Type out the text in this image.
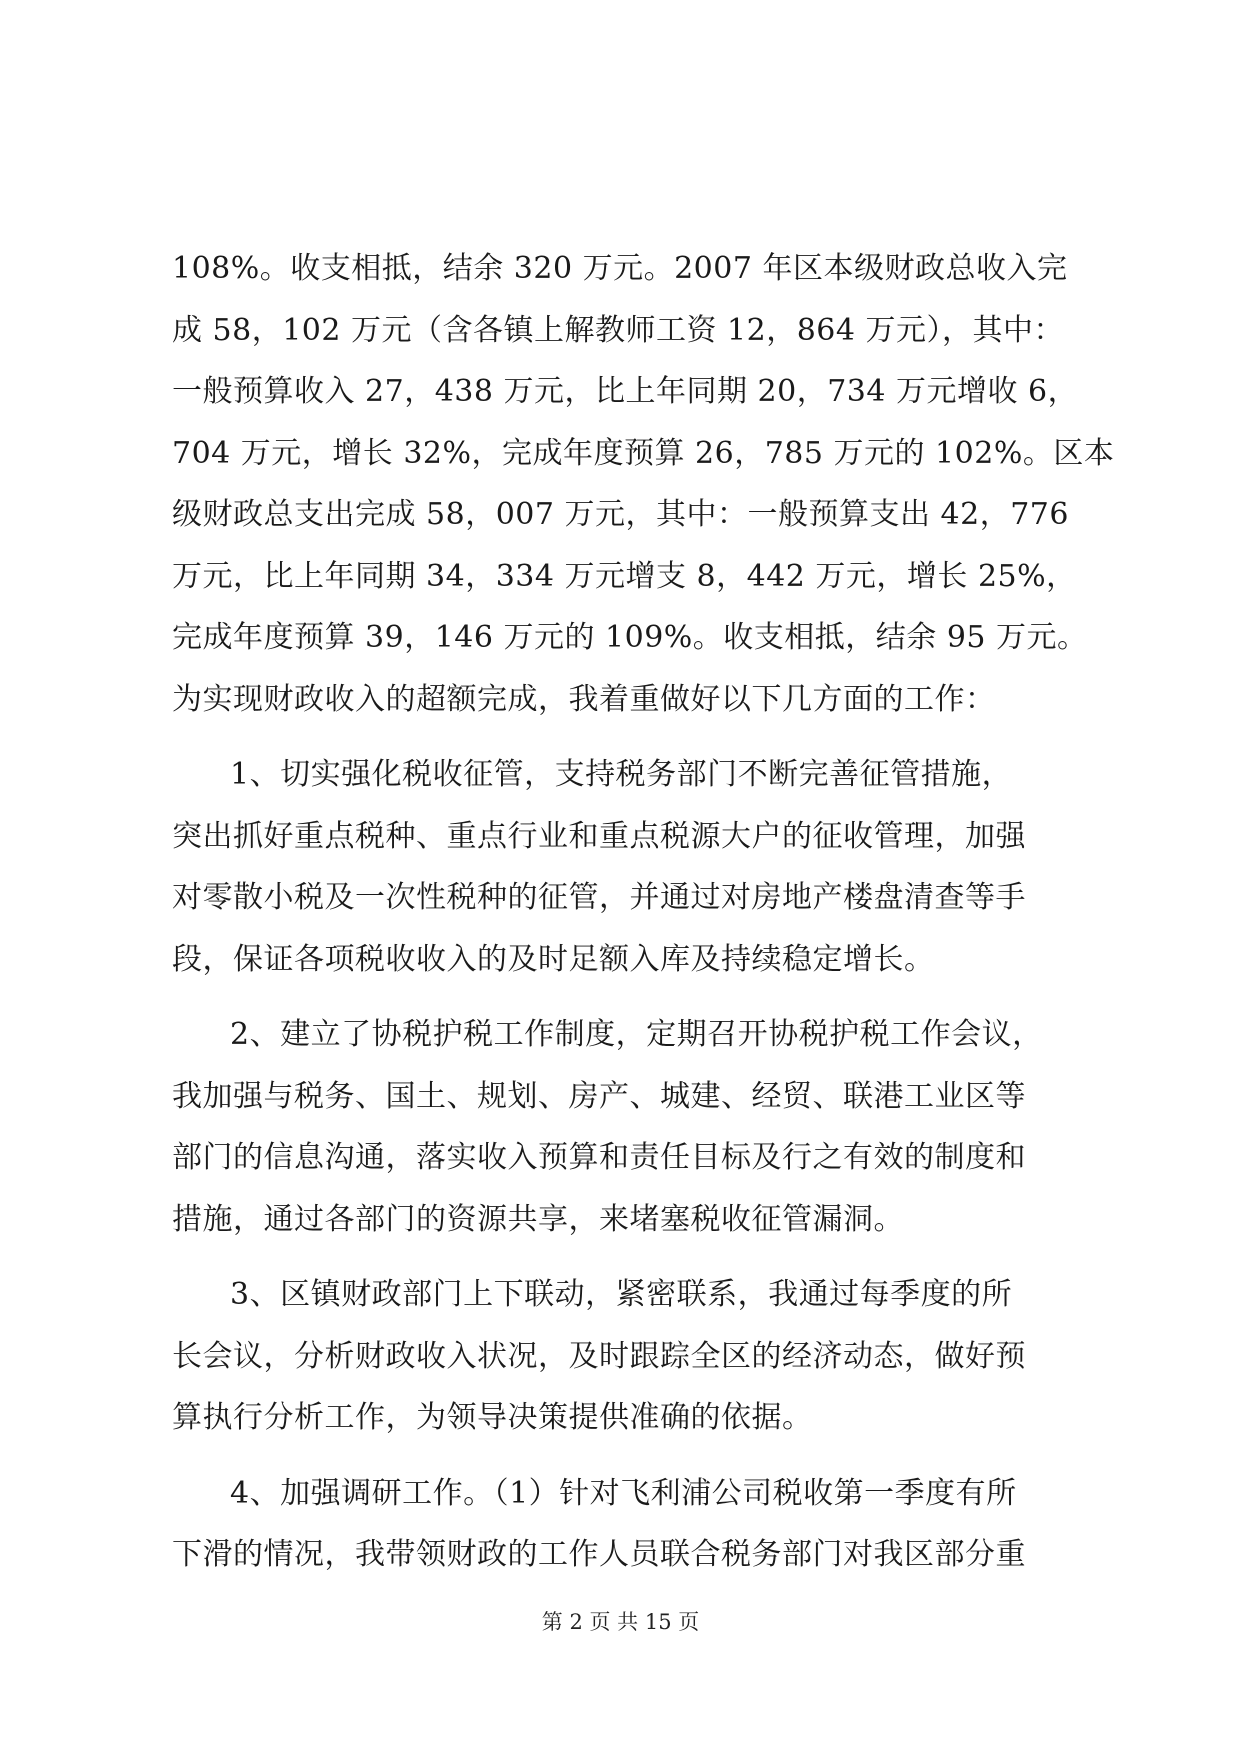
108%。收支相抵，结余 320 万元。2007 年区本级财政总收入完
成 58，102 万元（含各镇上解教师工资 12，864 万元），其中：
一般预算收入 27，438 万元，比上年同期 20，734 万元增收 6，
704 万元，增长 32%，完成年度预算 26，785 万元的 102%。区本
级财政总支出完成 58，007 万元，其中：一般预算支出 42，776
万元，比上年同期 34，334 万元增支 8，442 万元，增长 25%，
完成年度预算 39，146 万元的 109%。收支相抵，结余 95 万元。
为实现财政收入的超额完成，我着重做好以下几方面的工作：
1、切实强化税收征管，支持税务部门不断完善征管措施，
突出抓好重点税种、重点行业和重点税源大户的征收管理，加强
对零散小税及一次性税种的征管，并通过对房地产楼盘清查等手
段，保证各项税收收入的及时足额入库及持续稳定增长。
2、建立了协税护税工作制度，定期召开协税护税工作会议，
我加强与税务、国土、规划、房产、城建、经贸、联港工业区等
部门的信息沟通，落实收入预算和责任目标及行之有效的制度和
措施，通过各部门的资源共享，来堵塞税收征管漏洞。
3、区镇财政部门上下联动，紧密联系，我通过每季度的所
长会议，分析财政收入状况，及时跟踪全区的经济动态，做好预
算执行分析工作，为领导决策提供准确的依据。
4、加强调研工作。（1）针对飞利浦公司税收第一季度有所
下滑的情况，我带领财政的工作人员联合税务部门对我区部分重
第 2 页 共 15 页
